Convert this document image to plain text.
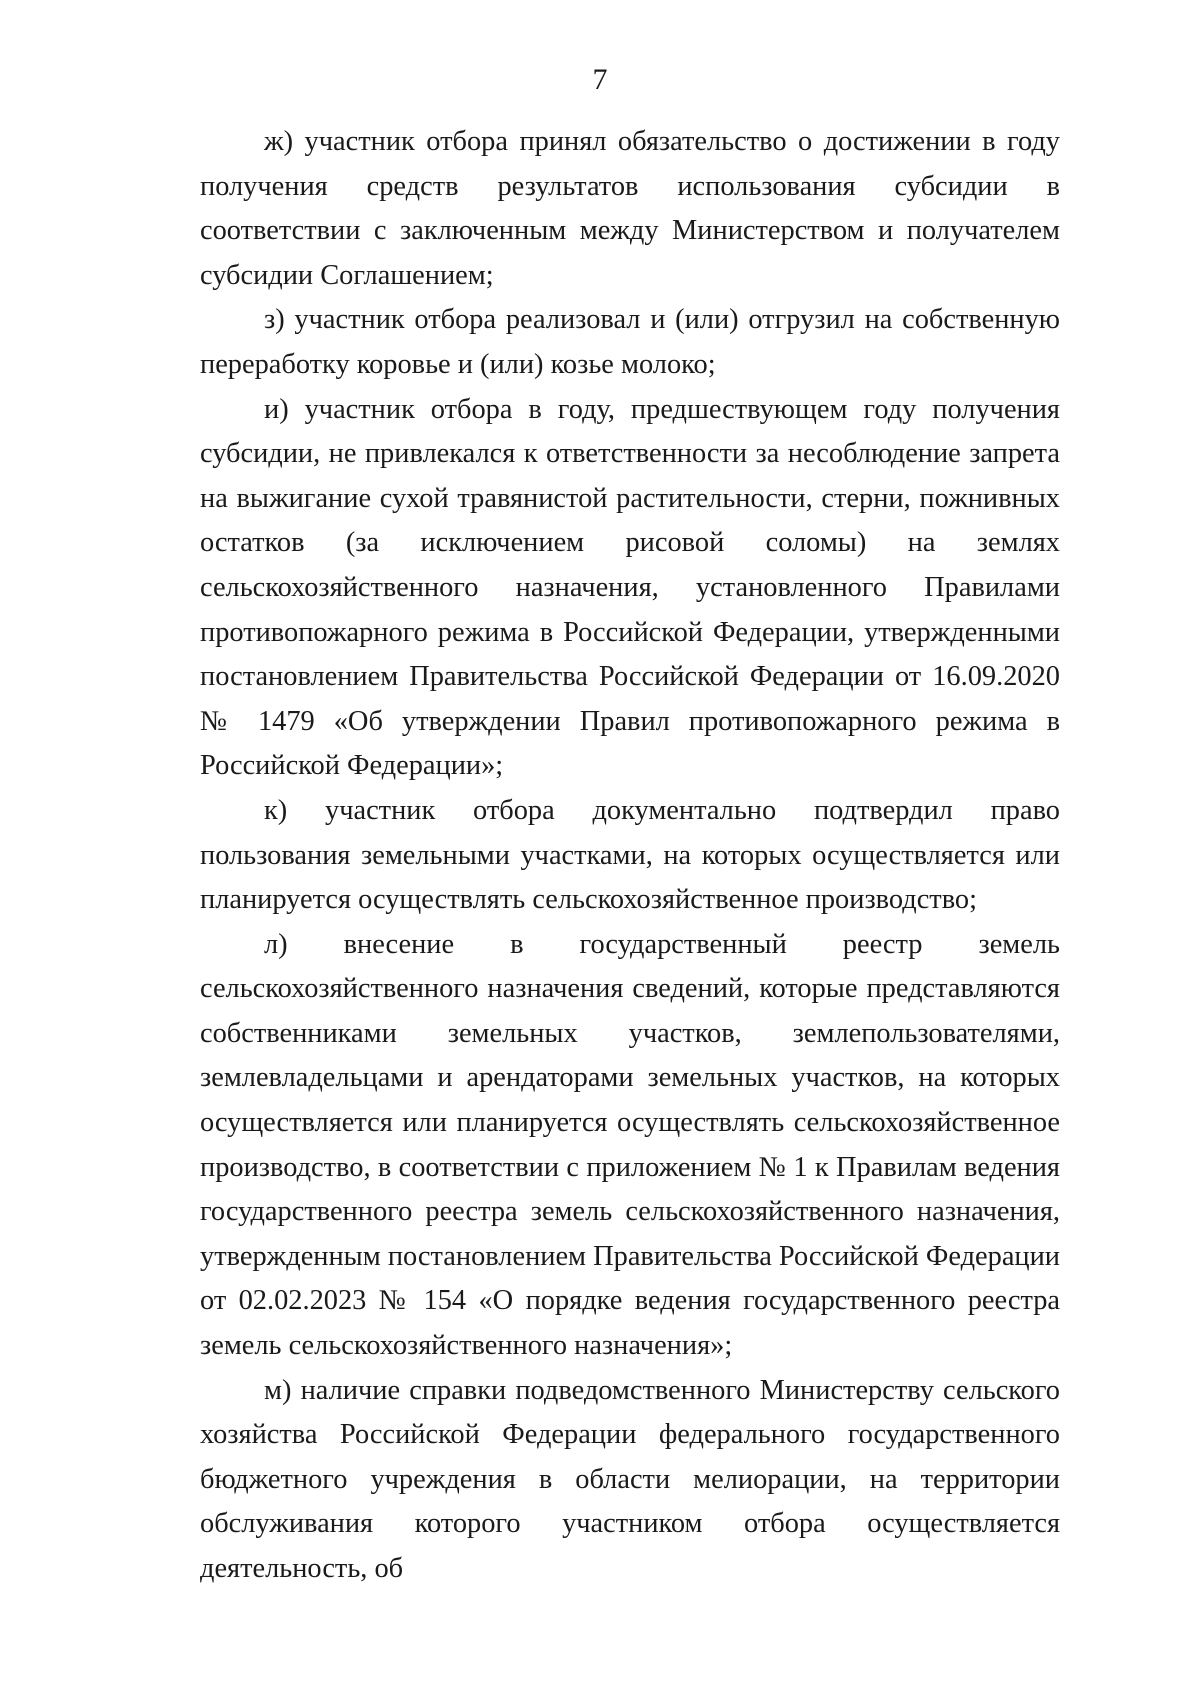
7

ж) участник отбора принял обязательство о достижении в году получения средств результатов использования субсидии в соответствии с заключенным между Министерством и получателем субсидии Соглашением;

з) участник отбора реализовал и (или) отгрузил на собственную переработку коровье и (или) козье молоко;

и) участник отбора в году, предшествующем году получения субсидии, не привлекался к ответственности за несоблюдение запрета на выжигание сухой травянистой растительности, стерни, пожнивных остатков (за исключением рисовой соломы) на землях сельскохозяйственного назначения, установленного Правилами противопожарного режима в Российской Федерации, утвержденными постановлением Правительства Российской Федерации от 16.09.2020 № 1479 «Об утверждении Правил противопожарного режима в Российской Федерации»;

к) участник отбора документально подтвердил право пользования земельными участками, на которых осуществляется или планируется осуществлять сельскохозяйственное производство;

л) внесение в государственный реестр земель сельскохозяйственного назначения сведений, которые представляются собственниками земельных участков, землепользователями, землевладельцами и арендаторами земельных участков, на которых осуществляется или планируется осуществлять сельскохозяйственное производство, в соответствии с приложением № 1 к Правилам ведения государственного реестра земель сельскохозяйственного назначения, утвержденным постановлением Правительства Российской Федерации от 02.02.2023 № 154 «О порядке ведения государственного реестра земель сельскохозяйственного назначения»;

м) наличие справки подведомственного Министерству сельского хозяйства Российской Федерации федерального государственного бюджетного учреждения в области мелиорации, на территории обслуживания которого участником отбора осуществляется деятельность, об
